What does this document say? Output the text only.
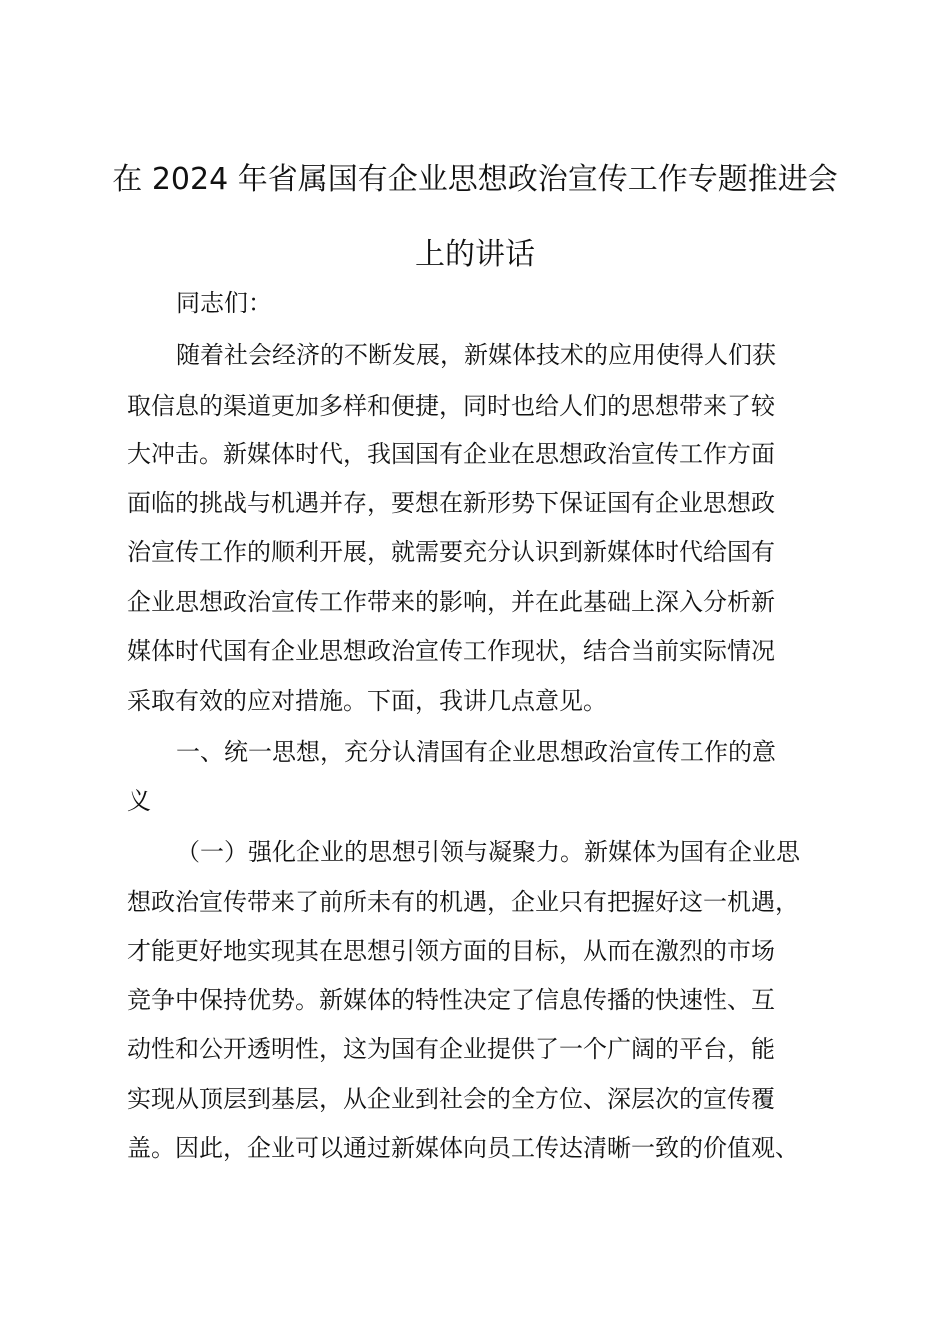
在 2024 年省属国有企业思想政治宣传工作专题推进会
上的讲话

同志们：

随着社会经济的不断发展，新媒体技术的应用使得人们获

取信息的渠道更加多样和便捷，同时也给人们的思想带来了较

大冲击。新媒体时代，我国国有企业在思想政治宣传工作方面

面临的挑战与机遇并存，要想在新形势下保证国有企业思想政

治宣传工作的顺利开展，就需要充分认识到新媒体时代给国有

企业思想政治宣传工作带来的影响，并在此基础上深入分析新

媒体时代国有企业思想政治宣传工作现状，结合当前实际情况

采取有效的应对措施。下面，我讲几点意见。

一、统一思想，充分认清国有企业思想政治宣传工作的意

义

（一）强化企业的思想引领与凝聚力。新媒体为国有企业思

想政治宣传带来了前所未有的机遇，企业只有把握好这一机遇，

才能更好地实现其在思想引领方面的目标，从而在激烈的市场

竞争中保持优势。新媒体的特性决定了信息传播的快速性、互

动性和公开透明性，这为国有企业提供了一个广阔的平台，能

实现从顶层到基层，从企业到社会的全方位、深层次的宣传覆

盖。因此，企业可以通过新媒体向员工传达清晰一致的价值观、
